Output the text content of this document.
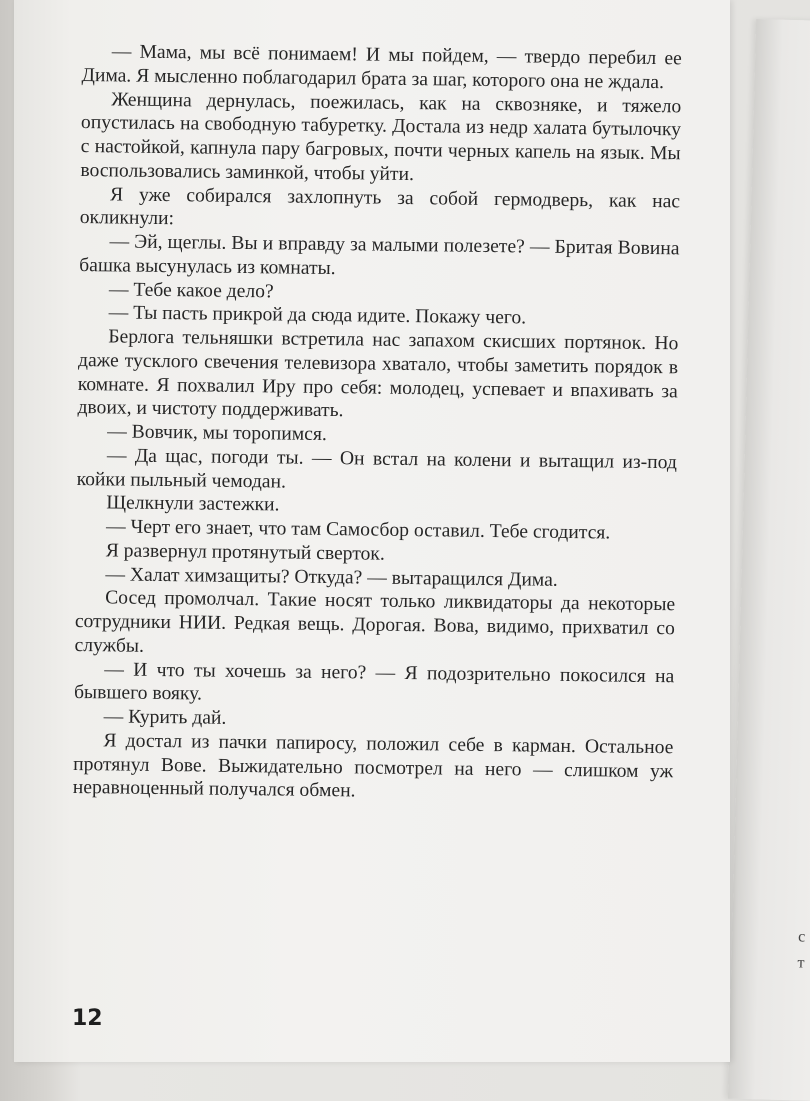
с
т

— Мама, мы всё понимаем! И мы пойдем, — твердо перебил ее Дима. Я мысленно поблагодарил брата за шаг, которого она не ждала.

Женщина дернулась, поежилась, как на сквозняке, и тяжело опустилась на свободную табуретку. Достала из недр халата бутылочку с настойкой, капнула пару багровых, почти черных капель на язык. Мы воспользовались заминкой, чтобы уйти.

Я уже собирался захлопнуть за собой гермодверь, как нас окликнули:

— Эй, щеглы. Вы и вправду за малыми полезете? — Бритая Вовина башка высунулась из комнаты.

— Тебе какое дело?

— Ты пасть прикрой да сюда идите. Покажу чего.

Берлога тельняшки встретила нас запахом скисших портянок. Но даже тусклого свечения телевизора хватало, чтобы заметить порядок в комнате. Я похвалил Иру про себя: молодец, успевает и впахивать за двоих, и чистоту поддерживать.

— Вовчик, мы торопимся.

— Да щас, погоди ты. — Он встал на колени и вытащил из-под койки пыльный чемодан.

Щелкнули застежки.

— Черт его знает, что там Самосбор оставил. Тебе сгодится.

Я развернул протянутый сверток.

— Халат химзащиты? Откуда? — вытаращился Дима.

Сосед промолчал. Такие носят только ликвидаторы да некоторые сотрудники НИИ. Редкая вещь. Дорогая. Вова, видимо, прихватил со службы.

— И что ты хочешь за него? — Я подозрительно покосился на бывшего вояку.

— Курить дай.

Я достал из пачки папиросу, положил себе в карман. Остальное протянул Вове. Выжидательно посмотрел на него — слишком уж неравноценный получался обмен.

12
